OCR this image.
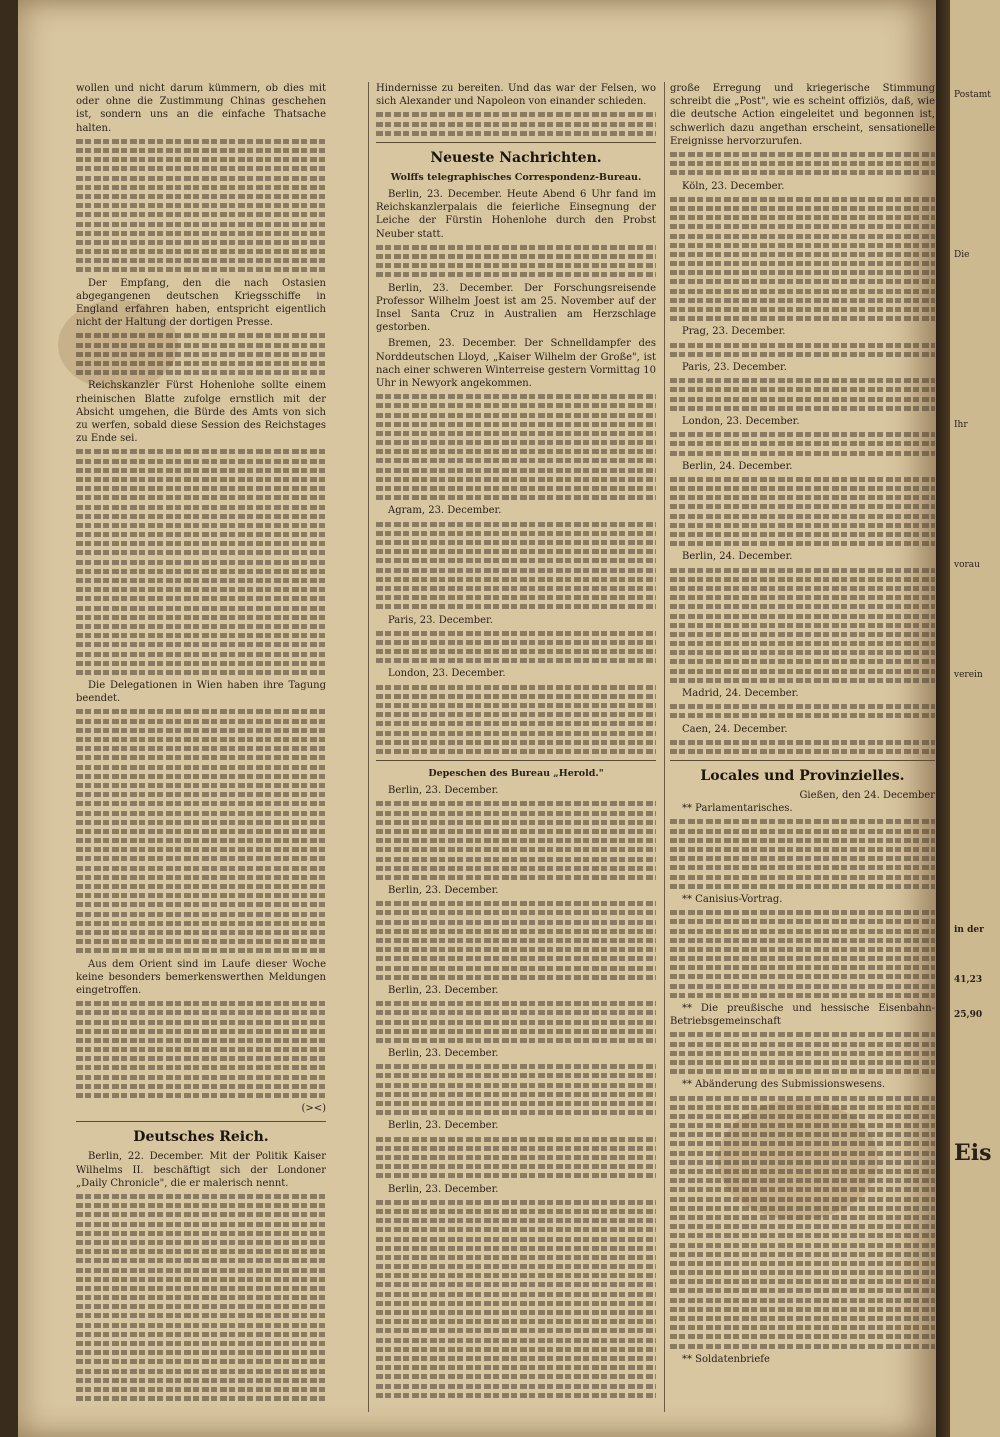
wollen und nicht darum kümmern, ob dies mit oder ohne die Zustimmung Chinas geschehen ist, sondern uns an die einfache Thatsache halten.

Der Empfang, den die nach Ostasien abgegangenen deutschen Kriegsschiffe in England erfahren haben, entspricht eigentlich nicht der Haltung der dortigen Presse.

Reichskanzler Fürst Hohenlohe sollte einem rheinischen Blatte zufolge ernstlich mit der Absicht umgehen, die Bürde des Amts von sich zu werfen, sobald diese Session des Reichstages zu Ende sei.

Die Delegationen in Wien haben ihre Tagung beendet.

Aus dem Orient sind im Laufe dieser Woche keine besonders bemerkenswerthen Meldungen eingetroffen.

(><)
Deutsches Reich.

Berlin, 22. December. Mit der Politik Kaiser Wilhelms II. beschäftigt sich der Londoner „Daily Chronicle", die er malerisch nennt.

Hindernisse zu bereiten. Und das war der Felsen, wo sich Alexander und Napoleon von einander schieden.

Neueste Nachrichten.
Wolffs telegraphisches Correspondenz-Bureau.

Berlin, 23. December. Heute Abend 6 Uhr fand im Reichskanzlerpalais die feierliche Einsegnung der Leiche der Fürstin Hohenlohe durch den Probst Neuber statt.

Berlin, 23. December. Der Forschungsreisende Professor Wilhelm Joest ist am 25. November auf der Insel Santa Cruz in Australien am Herzschlage gestorben.

Bremen, 23. December. Der Schnelldampfer des Norddeutschen Lloyd, „Kaiser Wilhelm der Große", ist nach einer schweren Winterreise gestern Vormittag 10 Uhr in Newyork angekommen.

Agram, 23. December.

Paris, 23. December.

London, 23. December.

Depeschen des Bureau „Herold."

Berlin, 23. December.

Berlin, 23. December.

Berlin, 23. December.

Berlin, 23. December.

Berlin, 23. December.

Berlin, 23. December.

große Erregung und kriegerische Stimmung schreibt die „Post", wie es scheint offiziös, daß, wie die deutsche Action eingeleitet und begonnen ist, schwerlich dazu angethan erscheint, sensationelle Ereignisse hervorzurufen.

Köln, 23. December.

Prag, 23. December.

Paris, 23. December.

London, 23. December.

Berlin, 24. December.

Berlin, 24. December.

Madrid, 24. December.

Caen, 24. December.

Locales und Provinzielles.
Gießen, den 24. December

** Parlamentarisches.

** Canisius-Vortrag.

** Die preußische und hessische Eisenbahn-Betriebsgemeinschaft

** Abänderung des Submissionswesens.

** Soldatenbriefe

Postamt
Die
Ihr
vorau
verein
25,90
41,23
in der
Eis
